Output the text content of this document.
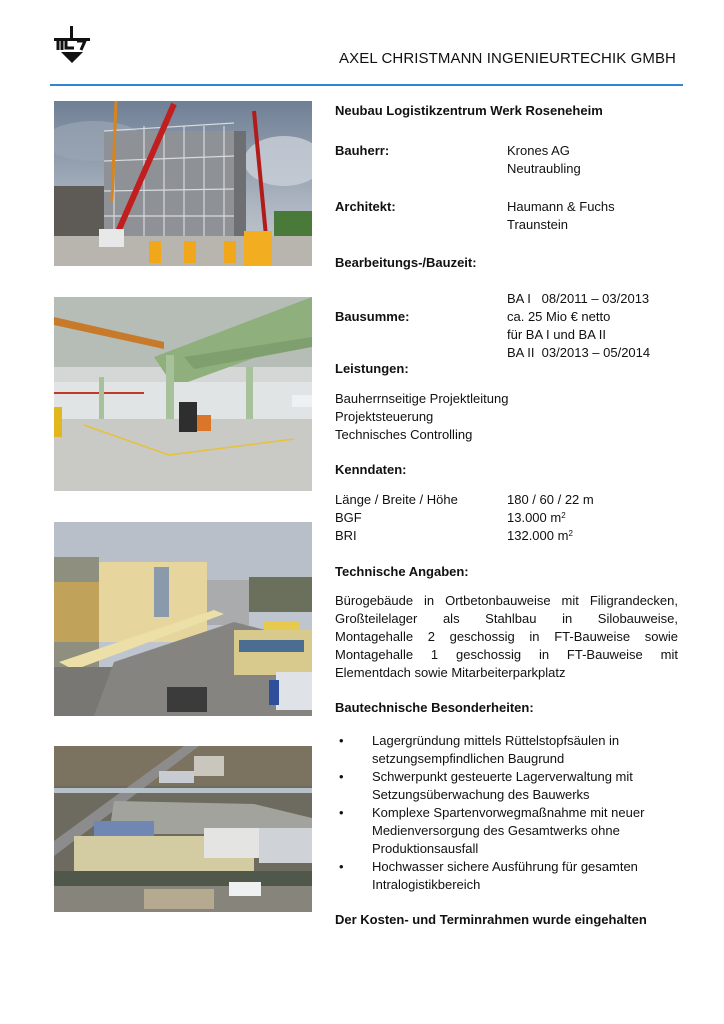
AXEL CHRISTMANN INGENIEURTECHIK GMBH
Neubau Logistikzentrum Werk Roseneheim
Bauherr:	Krones AG
Neutraubling
Architekt:	Haumann & Fuchs
Traunstein
Bearbeitungs-/Bauzeit:

BA I   08/2011 – 03/2013

BA II  03/2013 – 05/2014

Bausumme:	ca. 25 Mio € netto
für BA I und BA II
Leistungen:
Bauherrnseitige Projektleitung
Projektsteuerung
Technisches Controlling
Kenndaten:
Länge / Breite / Höhe	180 / 60 / 22 m
BGF	13.000 $m^2$
BRI	132.000 $m^2$
Technische Angaben:
Bürogebäude in Ortbetonbauweise mit Filigrandecken,
Großteilelager als Stahlbau in Silobauweise,
Montagehalle 2 geschossig in FT-Bauweise sowie
Montagehalle 1 geschossig in FT-Bauweise mit
Elementdach sowie Mitarbeiterparkplatz
Bautechnische Besonderheiten:
• Lagergründung mittels Rüttelstopfsäulen in
setzungsempfindlichen Baugrund
• Schwerpunkt gesteuerte Lagerverwaltung mit
Setzungsüberwachung des Bauwerks
• Komplexe Spartenvorwegmaßnahme mit neuer
Medienversorgung des Gesamtwerks ohne
Produktionsausfall
• Hochwasser sichere Ausführung für gesamten
Intralogistikbereich
Der Kosten- und Terminrahmen wurde eingehalten
